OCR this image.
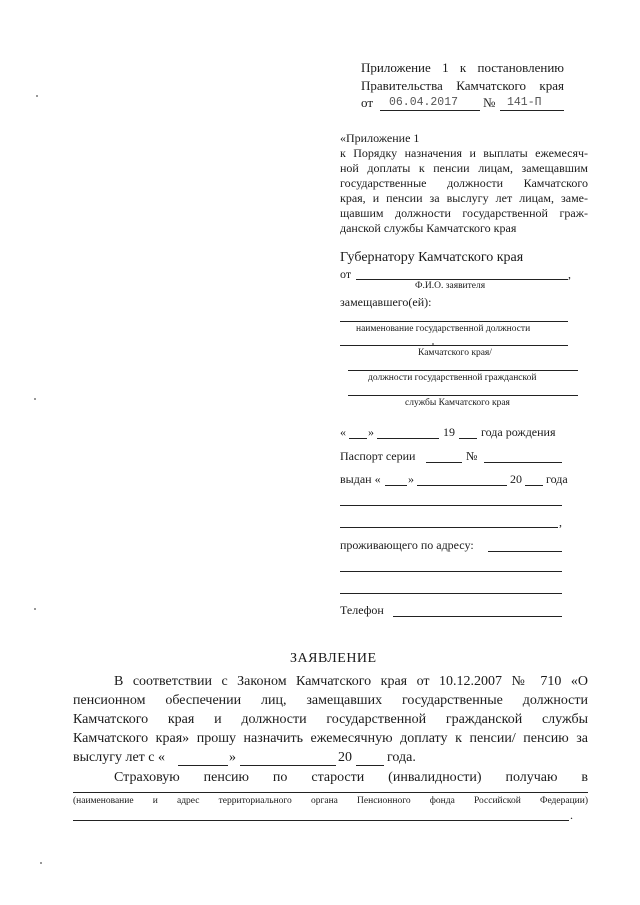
Приложение 1 к постановлению
Правительства Камчатского края
от 06.04.2017 № 141-П
«Приложение 1
к Порядку назначения и выплаты ежемесяч-
ной доплаты к пенсии лицам, замещавшим
государственные должности Камчатского
края, и пенсии за выслугу лет лицам, заме-
щавшим должности государственной граж-
данской службы Камчатского края
Губернатору Камчатского края
от	,
Ф.И.О. заявителя
замещавшего(ей):
наименование государственной должности
Камчатского края/
должности государственной гражданской
службы Камчатского края
« »	19 года рождения
Паспорт серии	№
выдан « »	20 года
,
проживающего по адресу:
Телефон
ЗАЯВЛЕНИЕ
В соответствии с Законом Камчатского края от 10.12.2007 № 710 «О
пенсионном обеспечении лиц, замещавших государственные должности
Камчатского края и должности государственной гражданской службы
Камчатского края» прошу назначить ежемесячную доплату к пенсии/ пенсию за
выслугу лет с «	»	20	года.
Страховую пенсию по старости (инвалидности) получаю в
(наименование и адрес территориального органа Пенсионного фонда Российской Федерации)
.
